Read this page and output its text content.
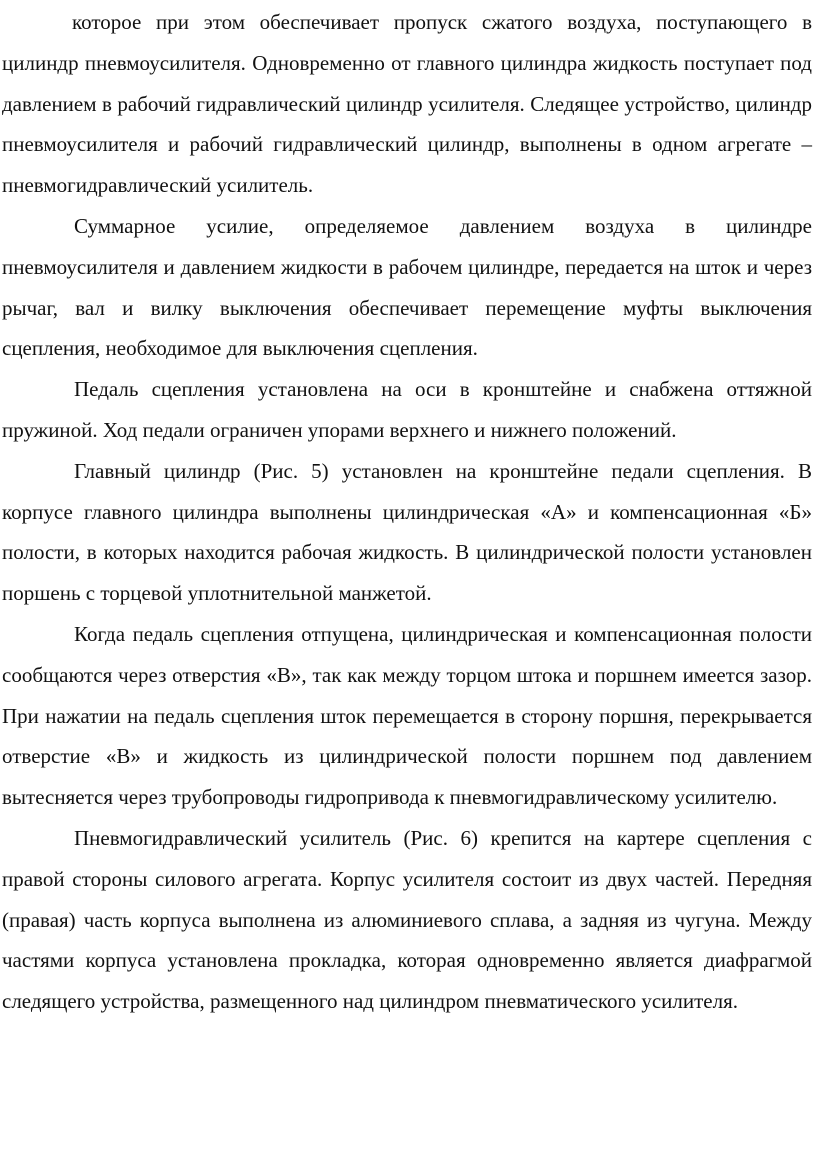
которое при этом обеспечивает пропуск сжатого воздуха, поступающего в цилиндр пневмоусилителя. Одновременно от главного цилиндра жидкость поступает под давлением в рабочий гидравлический цилиндр усилителя. Следящее устройство, цилиндр пневмоусилителя и рабочий гидравлический цилиндр, выполнены в одном агрегате – пневмогидравлический усилитель.

Суммарное усилие, определяемое давлением воздуха в цилиндре пневмоусилителя и давлением жидкости в рабочем цилиндре, передается на шток и через рычаг, вал и вилку выключения обеспечивает перемещение муфты выключения сцепления, необходимое для выключения сцепления.

Педаль сцепления установлена на оси в кронштейне и снабжена оттяжной пружиной. Ход педали ограничен упорами верхнего и нижнего положений.

Главный цилиндр (Рис. 5) установлен на кронштейне педали сцепления. В корпусе главного цилиндра выполнены цилиндрическая «А» и компенсационная «Б» полости, в которых находится рабочая жидкость. В цилиндрической полости установлен поршень с торцевой уплотнительной манжетой.

Когда педаль сцепления отпущена, цилиндрическая и компенсационная полости сообщаются через отверстия «В», так как между торцом штока и поршнем имеется зазор. При нажатии на педаль сцепления шток перемещается в сторону поршня, перекрывается отверстие «В» и жидкость из цилиндрической полости поршнем под давлением вытесняется через трубопроводы гидропривода к пневмогидравлическому усилителю.

Пневмогидравлический усилитель (Рис. 6) крепится на картере сцепления с правой стороны силового агрегата. Корпус усилителя состоит из двух частей. Передняя (правая) часть корпуса выполнена из алюминиевого сплава, а задняя из чугуна. Между частями корпуса установлена прокладка, которая одновременно является диафрагмой следящего устройства, размещенного над цилиндром пневматического усилителя.
